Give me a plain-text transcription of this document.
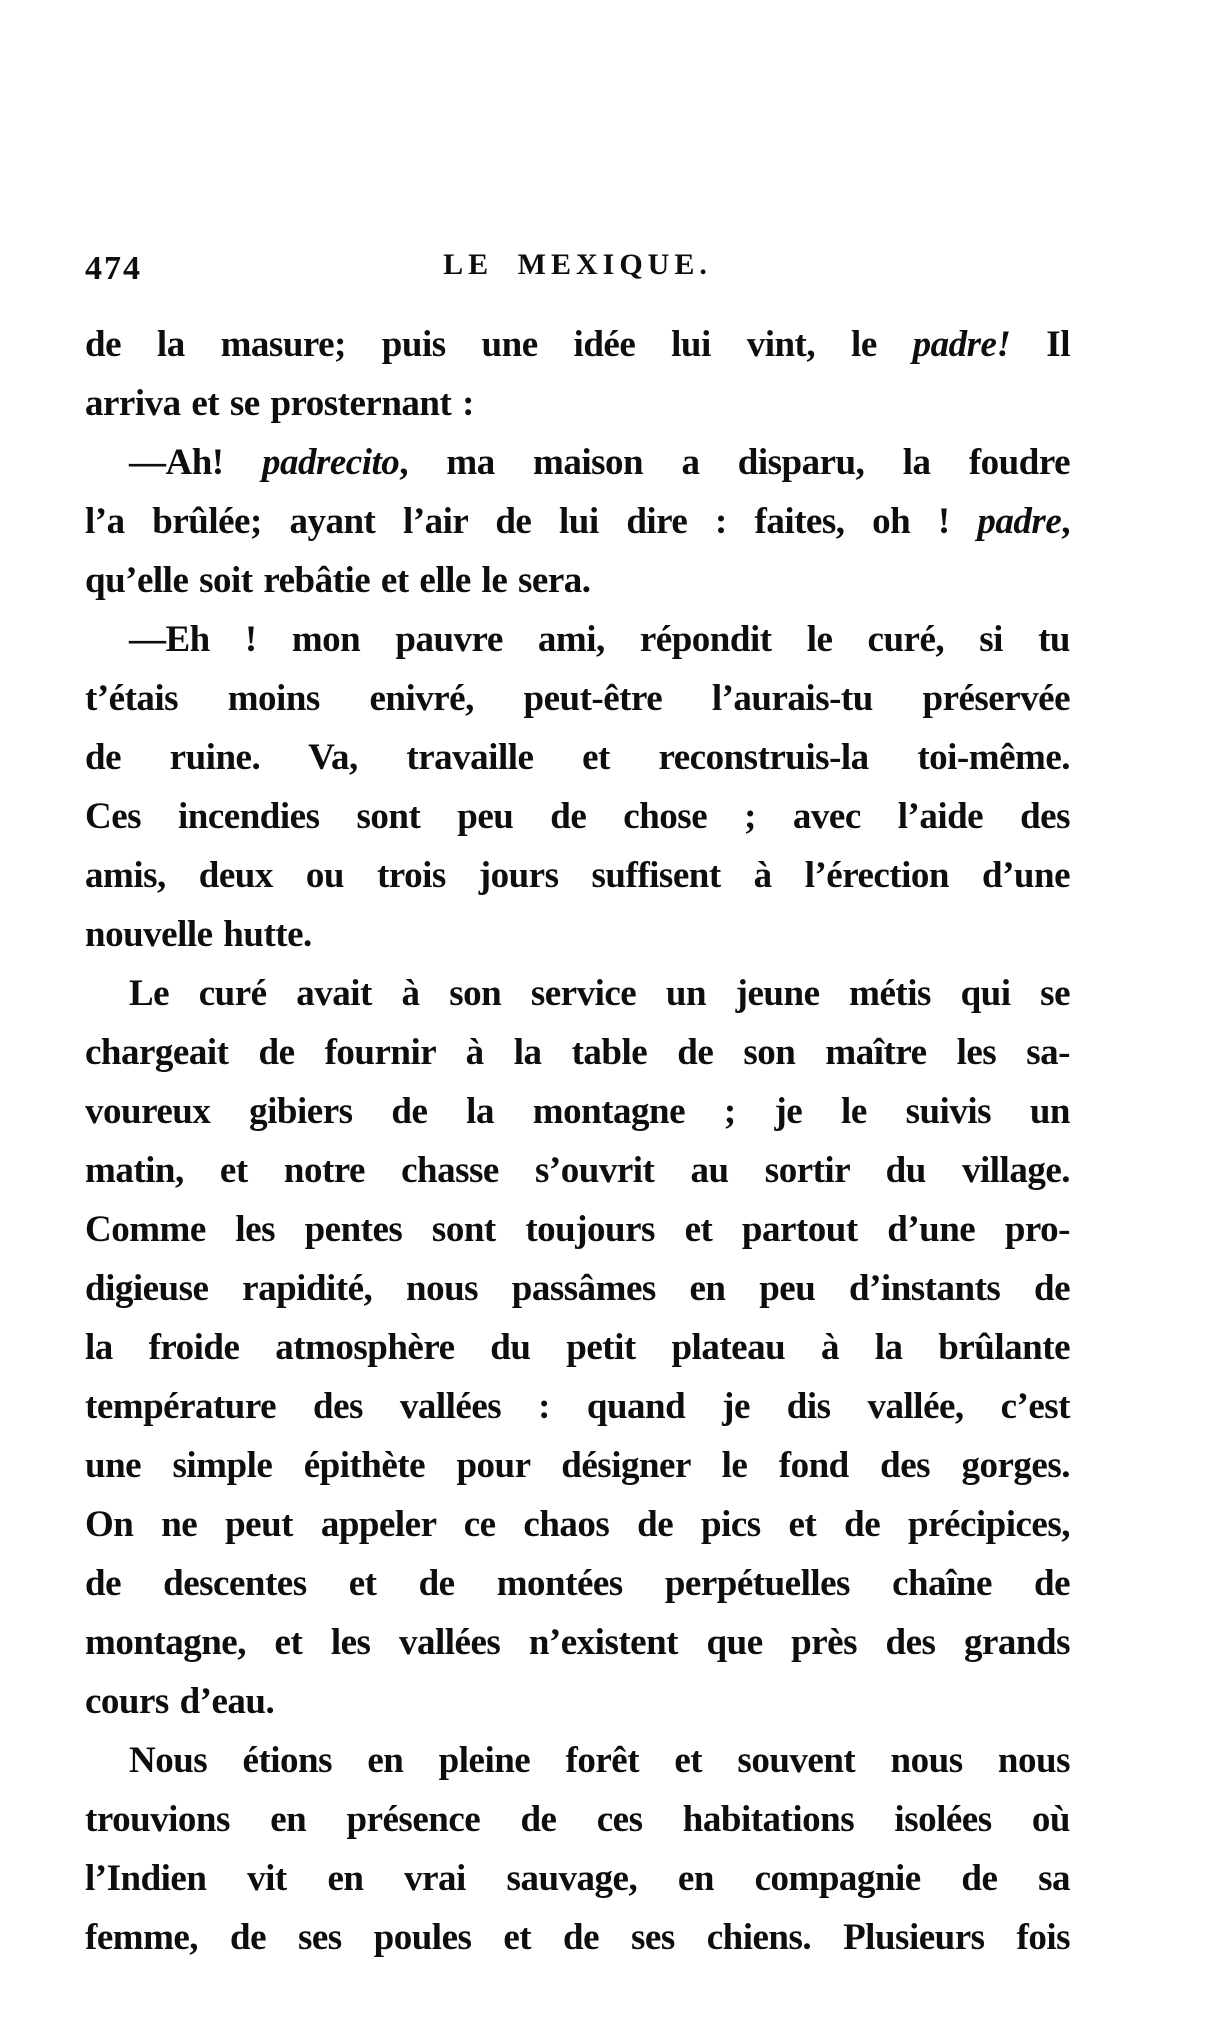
474	LE MEXIQUE.
de la masure; puis une idée lui vint, le padre! Il
arriva et se prosternant :
—Ah! padrecito, ma maison a disparu, la foudre
l’a brûlée; ayant l’air de lui dire : faites, oh ! padre,
qu’elle soit rebâtie et elle le sera.
—Eh ! mon pauvre ami, répondit le curé, si tu
t’étais moins enivré, peut-être l’aurais-tu préservée
de ruine. Va, travaille et reconstruis-la toi-même.
Ces incendies sont peu de chose ; avec l’aide des
amis, deux ou trois jours suffisent à l’érection d’une
nouvelle hutte.
Le curé avait à son service un jeune métis qui se
chargeait de fournir à la table de son maître les sa-
voureux gibiers de la montagne ; je le suivis un
matin, et notre chasse s’ouvrit au sortir du village.
Comme les pentes sont toujours et partout d’une pro-
digieuse rapidité, nous passâmes en peu d’instants de
la froide atmosphère du petit plateau à la brûlante
température des vallées : quand je dis vallée, c’est
une simple épithète pour désigner le fond des gorges.
On ne peut appeler ce chaos de pics et de précipices,
de descentes et de montées perpétuelles chaîne de
montagne, et les vallées n’existent que près des grands
cours d’eau.
Nous étions en pleine forêt et souvent nous nous
trouvions en présence de ces habitations isolées où
l’Indien vit en vrai sauvage, en compagnie de sa
femme, de ses poules et de ses chiens. Plusieurs fois
